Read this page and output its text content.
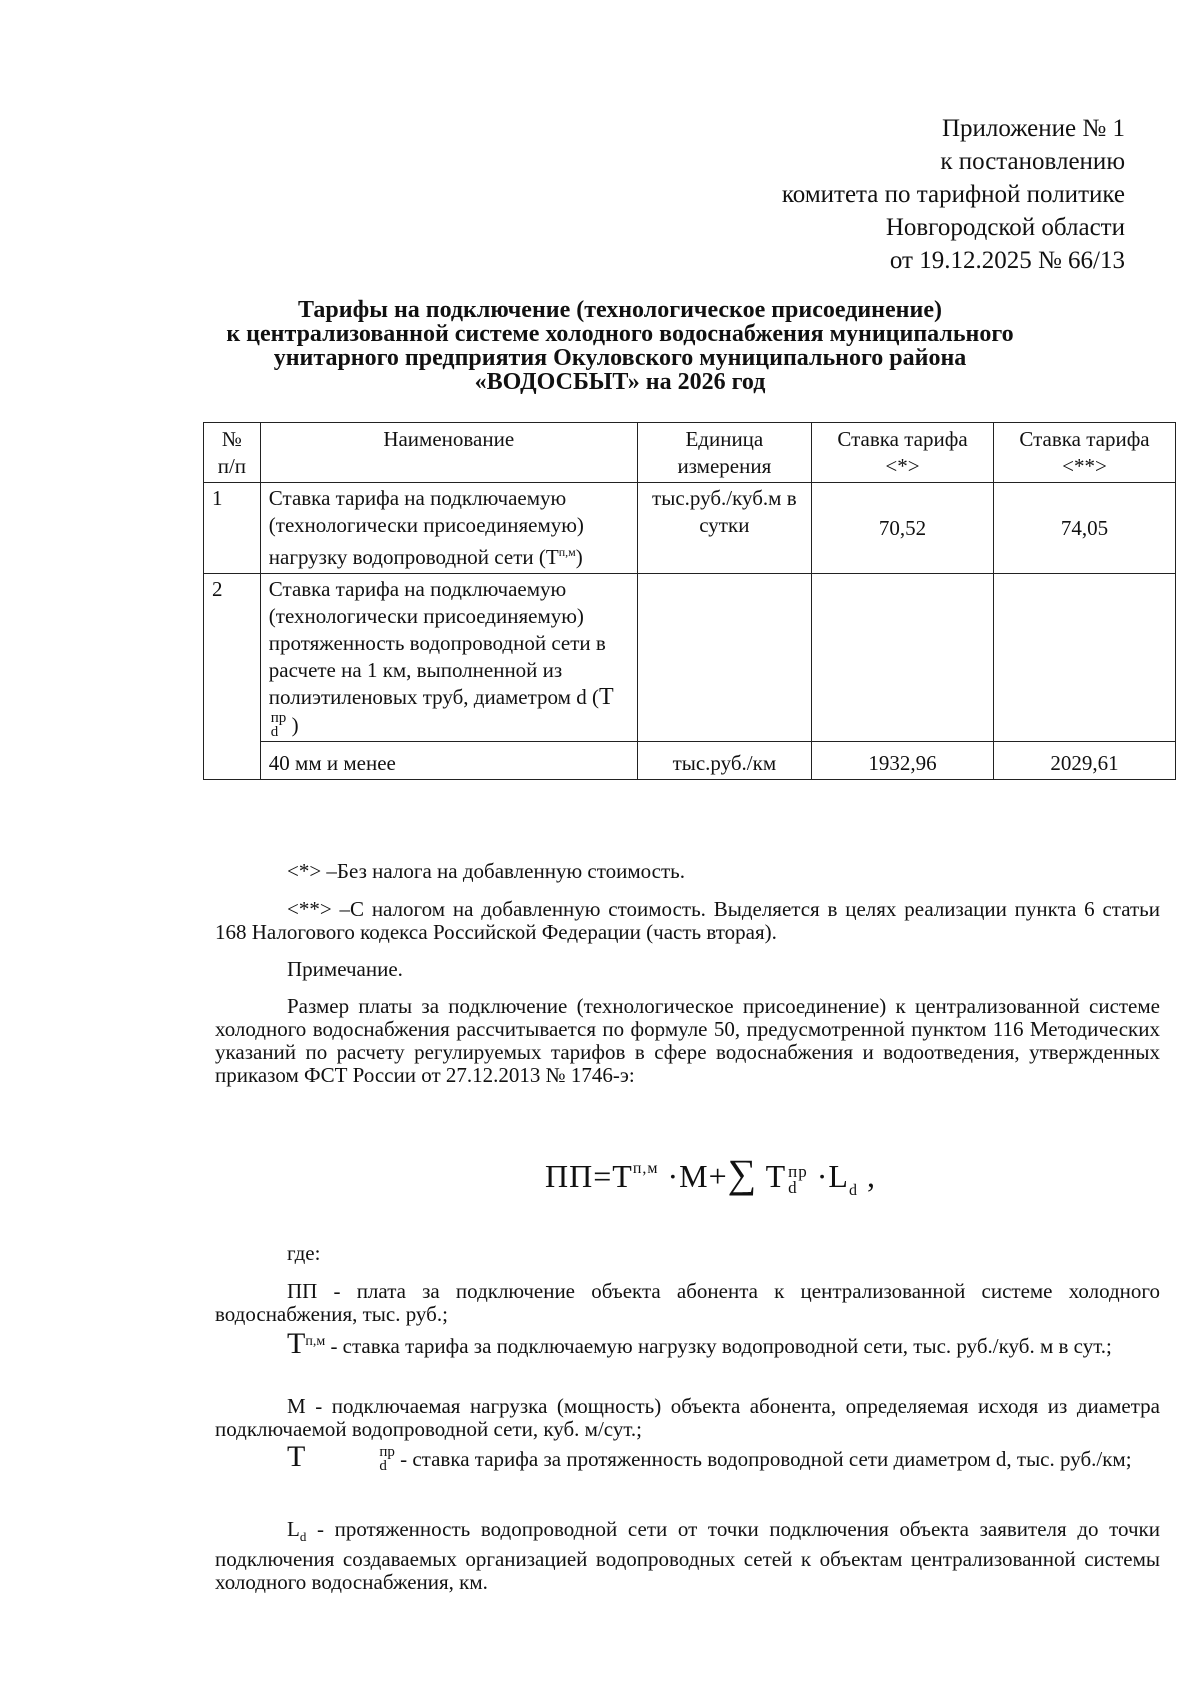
Приложение № 1
к постановлению
комитета по тарифной политике
Новгородской области
от 19.12.2025 № 66/13
Тарифы на подключение (технологическое присоединение)
к централизованной системе холодного водоснабжения муниципального
унитарного предприятия Окуловского муниципального района
«ВОДОСБЫТ» на 2026 год
№ п/п	Наименование	Единица измерения	Ставка тарифа <*>	Ставка тарифа <**>
1	Ставка тарифа на подключаемую (технологически присоединяемую) нагрузку водопроводной сети $(T^{п,м})$	тыс.руб./куб.м в сутки	70,52	74,05
2	Ставка тарифа на подключаемую (технологически присоединяемую) протяженность водопроводной сети в расчете на 1 км, выполненной из полиэтиленовых труб, диаметром d (T
пр
d )			
	40 мм и менее	тыс.руб./км	1932,96	2029,61
<*> –Без налога на добавленную стоимость.
<**> –С налогом на добавленную стоимость. Выделяется в целях реализации пункта 6 статьи 168 Налогового кодекса Российской Федерации (часть вторая).
Примечание.
Размер платы за подключение (технологическое присоединение) к централизованной системе холодного водоснабжения рассчитывается по формуле 50, предусмотренной пунктом 116 Методических указаний по расчету регулируемых тарифов в сфере водоснабжения и водоотведения, утвержденных приказом ФСТ России от 27.12.2013 № 1746-э:
$ПП=T^{п,м} \cdot M+\sum$ T пр
$d \cdot L_d$ ,
где:
ПП - плата за подключение объекта абонента к централизованной системе холодного водоснабжения, тыс. руб.;
$T^{п,м}$ - ставка тарифа за подключаемую нагрузку водопроводной сети, тыс. руб./куб. м в сут.;
M - подключаемая нагрузка (мощность) объекта абонента, определяемая исходя из диаметра подключаемой водопроводной сети, куб. м/сут.;
T	пр
d - ставка тарифа за протяженность водопроводной сети диаметром d, тыс. руб./км;
$L_d$ - протяженность водопроводной сети от точки подключения объекта заявителя до точки подключения создаваемых организацией водопроводных сетей к объектам централизованной системы холодного водоснабжения, км.
